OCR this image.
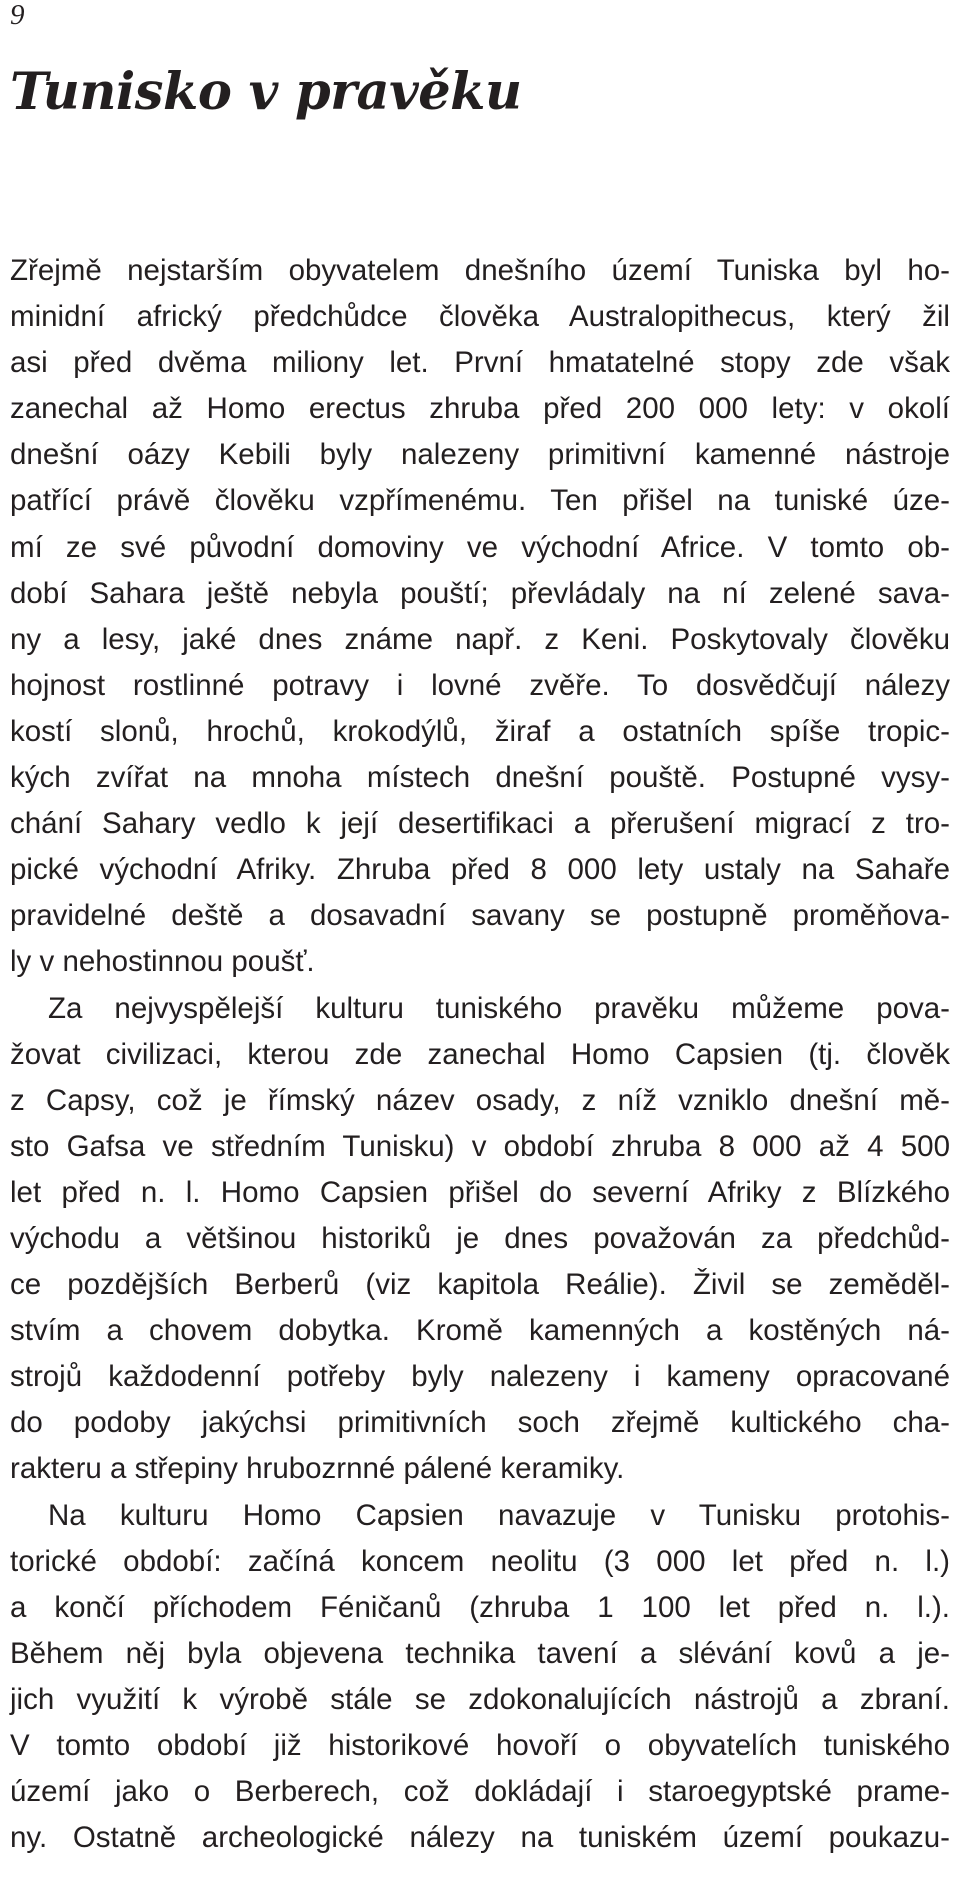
9
Tunisko v pravěku

Zřejmě nejstarším obyvatelem dnešního území Tuniska byl ho-
minidní africký předchůdce člověka Australopithecus, který žil
asi před dvěma miliony let. První hmatatelné stopy zde však
zanechal až Homo erectus zhruba před 200 000 lety: v okolí
dnešní oázy Kebili byly nalezeny primitivní kamenné nástroje
patřící právě člověku vzpřímenému. Ten přišel na tuniské úze-
mí ze své původní domoviny ve východní Africe. V tomto ob-
dobí Sahara ještě nebyla pouští; převládaly na ní zelené sava-
ny a lesy, jaké dnes známe např. z Keni. Poskytovaly člověku
hojnost rostlinné potravy i lovné zvěře. To dosvědčují nálezy
kostí slonů, hrochů, krokodýlů, žiraf a ostatních spíše tropic-
kých zvířat na mnoha místech dnešní pouště. Postupné vysy-
chání Sahary vedlo k její desertifikaci a přerušení migrací z tro-
pické východní Afriky. Zhruba před 8 000 lety ustaly na Sahaře
pravidelné deště a dosavadní savany se postupně proměňova-
ly v nehostinnou poušť.

Za nejvyspělejší kulturu tuniského pravěku můžeme pova-
žovat civilizaci, kterou zde zanechal Homo Capsien (tj. člověk
z Capsy, což je římský název osady, z níž vzniklo dnešní mě-
sto Gafsa ve středním Tunisku) v období zhruba 8 000 až 4 500
let před n. l. Homo Capsien přišel do severní Afriky z Blízkého
východu a většinou historiků je dnes považován za předchůd-
ce pozdějších Berberů (viz kapitola Reálie). Živil se zeměděl-
stvím a chovem dobytka. Kromě kamenných a kostěných ná-
strojů každodenní potřeby byly nalezeny i kameny opracované
do podoby jakýchsi primitivních soch zřejmě kultického cha-
rakteru a střepiny hrubozrnné pálené keramiky.

Na kulturu Homo Capsien navazuje v Tunisku protohis-
torické období: začíná koncem neolitu (3 000 let před n. l.)
a končí příchodem Féničanů (zhruba 1 100 let před n. l.).
Během něj byla objevena technika tavení a slévání kovů a je-
jich využití k výrobě stále se zdokonalujících nástrojů a zbraní.
V tomto období již historikové hovoří o obyvatelích tuniského
území jako o Berberech, což dokládají i staroegyptské prame-
ny. Ostatně archeologické nálezy na tuniském území poukazu-
